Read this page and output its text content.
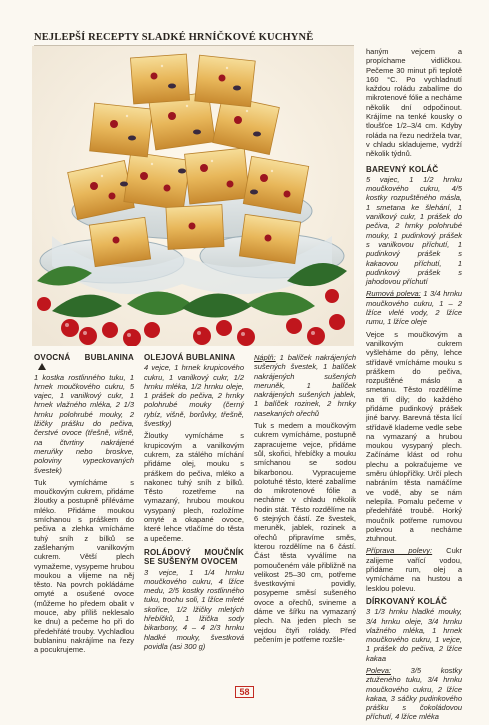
NEJLEPŠÍ RECEPTY SLADKÉ HRNÍČKOVÉ KUCHYNĚ

haným vejcem a propíchame vidličkou. Pečeme 30 minut při teplotě 160 °C. Po vychladnutí každou roládu zabalíme do mikrotenové fólie a necháme několik dní odpočinout. Krájíme na tenké kousky o tloušťce 1/2–3/4 cm. Kdyby roláda na řezu nedržela tvar, v chladu skladujeme, vydrží několik týdnů.

BAREVNÝ KOLÁČ

5 vajec, 1 1/2 hrnku moučkového cukru, 4/5 kostky rozpuštěného másla, 1 smetana ke šlehání, 1 vanilkový cukr, 1 prášek do pečiva, 2 hrnky polohrubé mouky, 1 pudinkový prášek s vanilkovou příchutí, 1 pudinkový prášek s kakaovou příchutí, 1 pudinkový prášek s jahodovou příchutí

Rumová poleva: 1 3/4 hrnku moučkového cukru, 1 – 2 lžíce vlelé vody, 2 lžíce rumu, 1 lžíce oleje

Vejce s moučkovým a vanilkovým cukrem vyšleháme do pěny, lehce střídavě vmícháme mouku s práškem do pečiva, rozpuštěné máslo a smetanu. Těsto rozdělíme na tři díly; do každého přidáme pudinkový prášek jiné barvy. Barevná těsta lící střídavě klademe vedle sebe na vymazaný a hrubou moukou vysypaný plech. Začínáme klást od rohu plechu a pokračujeme ve směru úhlopříčky. Určí plech nabráním těsta namáčíme ve vodě, aby se nám nelepila. Pomalu pečeme v předehřáté troubě. Horký moučník potřeme rumovou polevou a necháme ztuhnout.

Příprava polevy: Cukr zalijeme vařící vodou, přidáme rum, olej a vymícháme na hustou a lesklou polevu.

DÍRKOVANÝ KOLÁČ

3 1/3 hrnku hladké mouky, 3/4 hrnku oleje, 3/4 hrnku vlažného mléka, 1 hrnek moučkového cukru, 1 vejce, 1 prášek do pečiva, 2 lžíce kakaa

Poleva: 3/5 kostky ztuženého tuku, 3/4 hrnku moučkového cukru, 2 lžíce kakaa, 3 sáčky pudinkového prášku s čokoládovou příchutí, 4 lžíce mléka

OVOCNÁ BUBLANINA

1 kostka rostlinného tuku, 1 hrnek moučkového cukru, 5 vajec, 1 vanilkový cukr, 1 hrnek vlažného mléka, 2 1/3 hrnku polohrubé mouky, 2 lžičky prášku do pečiva, čerstvé ovoce (třešně, višně, na čtvrtiny nakrájené meruňky nebo broskve, poloviny vypeckovaných švestek)

Tuk vymícháme s moučkovým cukrem, přidáme žloutky a postupně přiléváme mléko. Přidáme moukou smíchanou s práškem do pečiva a zlehka vmícháme tuhý sníh z bílků se zašlehaným vanilkovým cukrem. Větší plech vymažeme, vysypeme hrubou moukou a vlijeme na něj těsto. Na povrch pokládáme omyté a osušené ovoce (můžeme ho předem obalit v mouce, aby příliš neklesalo ke dnu) a pečeme ho při do předehřáté trouby. Vychladlou bublaninu nakrájíme na řezy a pocukrujeme.

OLEJOVÁ BUBLANINA

4 vejce, 1 hrnek krupicového cukru, 1 vanilkový cukr, 1/2 hrnku mléka, 1/2 hrnku oleje, 1 prášek do pečiva, 2 hrnky polohrubé mouky (černý rybíz, višně, borůvky, třešně, švestky)

Žloutky vymícháme s krupicovým a vanilkovým cukrem, za stálého míchání přidáme olej, mouku s práškem do pečiva, mléko a nakonec tuhý sníh z bílků. Těsto rozetřeme na vymazaný, hrubou moukou vysypaný plech, rozložíme omyté a okapané ovoce, které lehce vtlačíme do těsta a upečeme.

ROLÁDOVÝ MOUČNÍK SE SUŠENÝM OVOCEM

3 vejce, 1 1/4 hrnku moučkového cukru, 4 lžíce medu, 2/5 kostky rostlinného tuku, trochu soli, 1 lžíce mleté skořice, 1/2 lžičky mletých hřebíčků, 1 lžička sody bikarbony, 4 – 4 2/3 hrnku hladké mouky, švestková povidla (asi 300 g)

Náplň: 1 balíček nakrájených sušených švestek, 1 balíček nakrájených sušených meruněk, 1 balíček nakrájených sušených jablek, 1 balíček rozinek, 2 hrnky nasekaných ořechů

Tuk s medem a moučkovým cukrem vymícháme, postupně zapracujeme vejce, přidáme sůl, skořici, hřebíčky a mouku smíchanou se sodou bikarbonou. Vypracujeme polotuhé těsto, které zabalíme do mikrotenové fólie a necháme v chladu několik hodin stát. Těsto rozdělíme na 6 stejných částí. Ze švestek, meruněk, jablek, rozinek a ořechů připravíme směs, kterou rozdělíme na 6 částí. Část těsta vyválíme na pomoučeném vále přibližně na velikost 25–30 cm, potřeme švestkovými povidly, posypeme směsí sušeného ovoce a ořechů, svineme a dáme ve šířku na vymazaný plech. Na jeden plech se vejdou čtyři rolády. Před pečením je potřeme rozšle-

58
